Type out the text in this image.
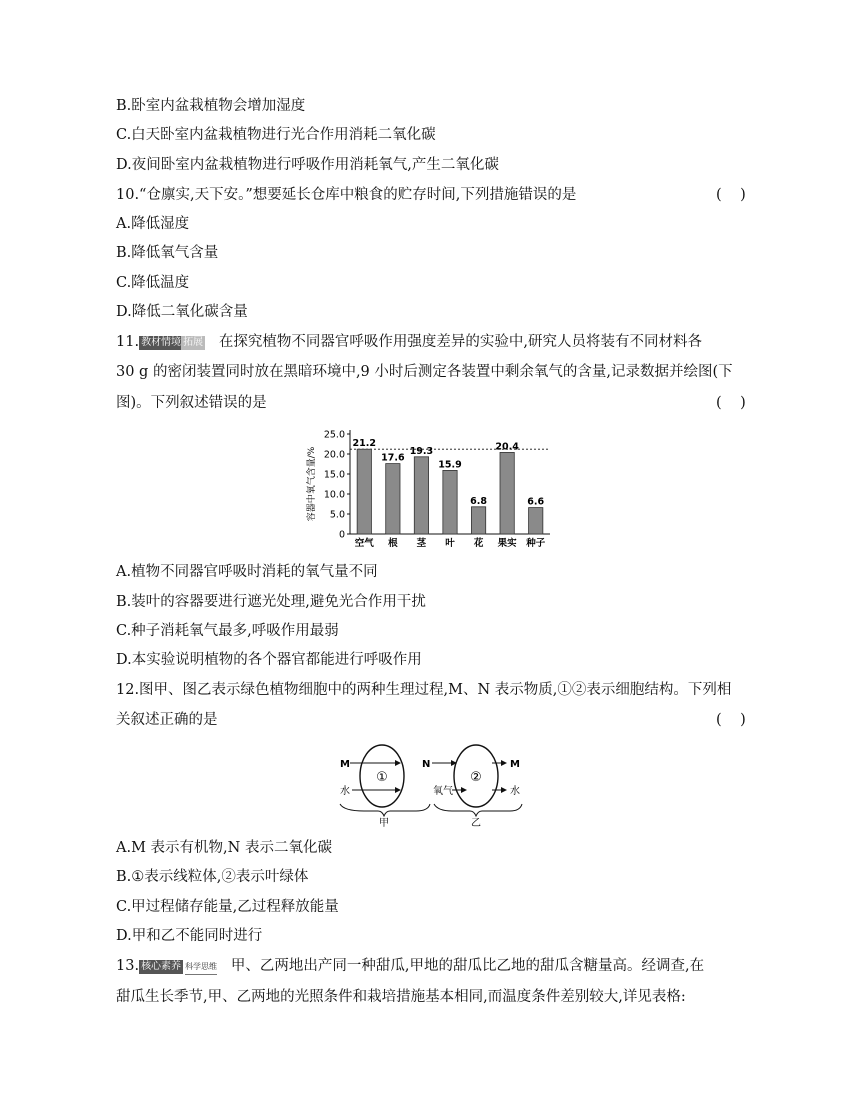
B.卧室内盆栽植物会增加湿度
C.白天卧室内盆栽植物进行光合作用消耗二氧化碳
D.夜间卧室内盆栽植物进行呼吸作用消耗氧气,产生二氧化碳
10.“仓廪实,天下安。”想要延长仓库中粮食的贮存时间,下列措施错误的是	(    )
A.降低湿度
B.降低氧气含量
C.降低温度
D.降低二氧化碳含量
11. 教材情境 拓展 在探究植物不同器官呼吸作用强度差异的实验中,研究人员将装有不同材料各
30 g 的密闭装置同时放在黑暗环境中,9 小时后测定各装置中剩余氧气的含量,记录数据并绘图(下
图)。下列叙述错误的是	(    )
容器中氧气含量/%
0
5.0
10.0
15.0
20.0
25.0
21.2
空气
17.6
根
19.3
茎
15.9
叶
6.8
花
20.4
果实
6.6
种子
A.植物不同器官呼吸时消耗的氧气量不同
B.装叶的容器要进行遮光处理,避免光合作用干扰
C.种子消耗氧气最多,呼吸作用最弱
D.本实验说明植物的各个器官都能进行呼吸作用
12.图甲、图乙表示绿色植物细胞中的两种生理过程,M、N 表示物质,①②表示细胞结构。下列相
关叙述正确的是	(    )
①	②
M
水
N
氧气
M
水
甲	乙
A.M 表示有机物,N 表示二氧化碳
B.①表示线粒体,②表示叶绿体
C.甲过程储存能量,乙过程释放能量
D.甲和乙不能同时进行
13. 核心素养 科学思维 甲、乙两地出产同一种甜瓜,甲地的甜瓜比乙地的甜瓜含糖量高。经调查,在
甜瓜生长季节,甲、乙两地的光照条件和栽培措施基本相同,而温度条件差别较大,详见表格:
